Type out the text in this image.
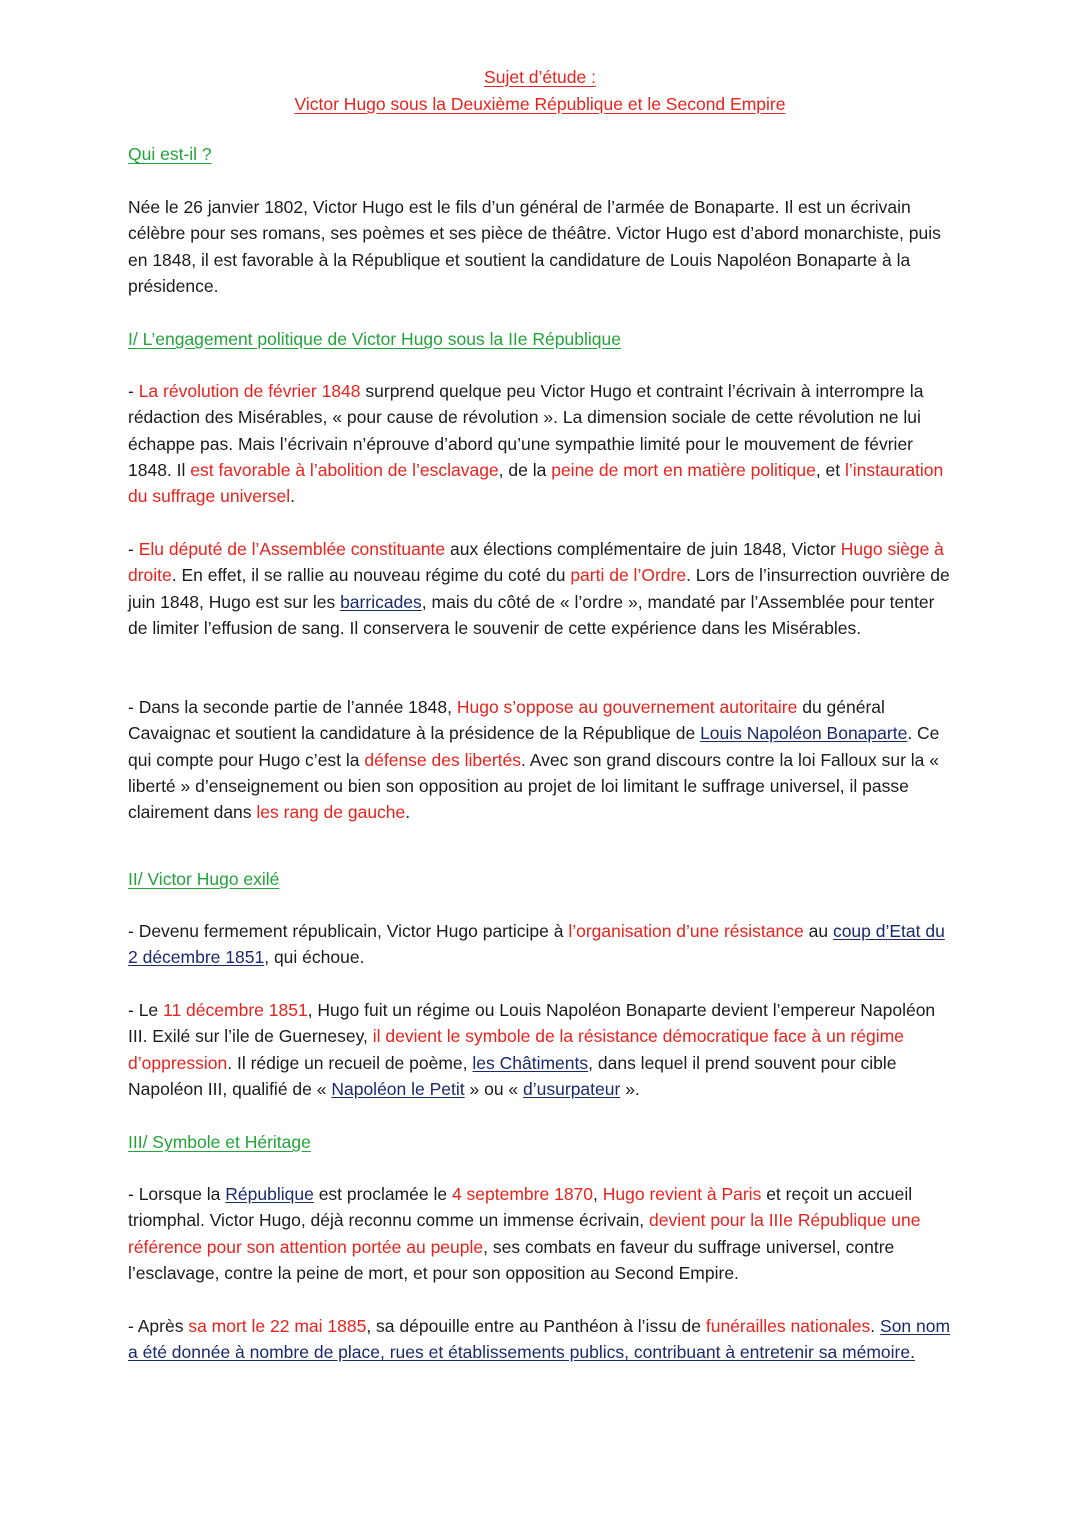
Sujet d’étude :
Victor Hugo sous la Deuxième République et le Second Empire
Qui est-il ?

Née le 26 janvier 1802, Victor Hugo est le fils d’un général de l’armée de Bonaparte. Il est un écrivain célèbre pour ses romans, ses poèmes et ses pièce de théâtre. Victor Hugo est d’abord monarchiste, puis en 1848, il est favorable à la République et soutient la candidature de Louis Napoléon Bonaparte à la présidence.

I/ L’engagement politique de Victor Hugo sous la IIe République

- La révolution de février 1848 surprend quelque peu Victor Hugo et contraint l’écrivain à interrompre la rédaction des Misérables, « pour cause de révolution ». La dimension sociale de cette révolution ne lui échappe pas. Mais l’écrivain n’éprouve d’abord qu’une sympathie limité pour le mouvement de février 1848. Il est favorable à l’abolition de l’esclavage, de la peine de mort en matière politique, et l’instauration du suffrage universel.

- Elu député de l’Assemblée constituante aux élections complémentaire de juin 1848, Victor Hugo siège à droite. En effet, il se rallie au nouveau régime du coté du parti de l’Ordre. Lors de l’insurrection ouvrière de juin 1848, Hugo est sur les barricades, mais du côté de « l’ordre », mandaté par l’Assemblée pour tenter de limiter l’effusion de sang. Il conservera le souvenir de cette expérience dans les Misérables.

- Dans la seconde partie de l’année 1848, Hugo s’oppose au gouvernement autoritaire du général Cavaignac et soutient la candidature à la présidence de la République de Louis Napoléon Bonaparte. Ce qui compte pour Hugo c’est la défense des libertés. Avec son grand discours contre la loi Falloux sur la « liberté » d’enseignement ou bien son opposition au projet de loi limitant le suffrage universel, il passe clairement dans les rang de gauche.

II/ Victor Hugo exilé

- Devenu fermement républicain, Victor Hugo participe à l’organisation d’une résistance au coup d’Etat du 2 décembre 1851, qui échoue.

- Le 11 décembre 1851, Hugo fuit un régime ou Louis Napoléon Bonaparte devient l’empereur Napoléon III. Exilé sur l’ile de Guernesey, il devient le symbole de la résistance démocratique face à un régime d’oppression. Il rédige un recueil de poème, les Châtiments, dans lequel il prend souvent pour cible Napoléon III, qualifié de « Napoléon le Petit » ou « d’usurpateur ».

III/ Symbole et Héritage

- Lorsque la République est proclamée le 4 septembre 1870, Hugo revient à Paris et reçoit un accueil triomphal. Victor Hugo, déjà reconnu comme un immense écrivain, devient pour la IIIe République une référence pour son attention portée au peuple, ses combats en faveur du suffrage universel, contre l’esclavage, contre la peine de mort, et pour son opposition au Second Empire.

- Après sa mort le 22 mai 1885, sa dépouille entre au Panthéon à l’issu de funérailles nationales. Son nom a été donnée à nombre de place, rues et établissements publics, contribuant à entretenir sa mémoire.
